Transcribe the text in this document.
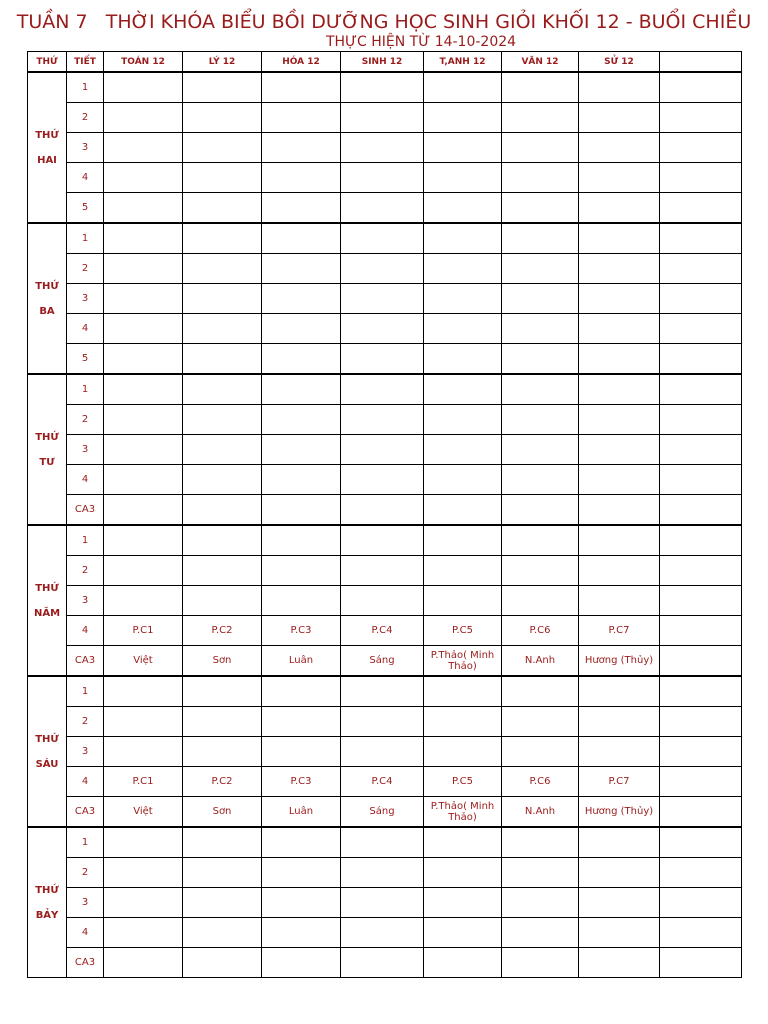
TUẦN 7   THỜI KHÓA BIỂU BỒI DƯỠNG HỌC SINH GIỎI KHỐI 12 - BUỔI CHIỀU
THỰC HIỆN TỪ 14-10-2024
THỨ	TIẾT	TOÁN 12	LÝ 12	HÓA 12	SINH 12	T,ANH 12	VĂN 12	SỬ 12	

THỨ
HAI	1								
	2								
	3								
	4								
	5								

THỨ
BA	1								
	2								
	3								
	4								
	5								

THỨ
TƯ	1								
	2								
	3								
	4								
	CA3								

THỨ
NĂM	1								
	2								
	3								
	4	P.C1	P.C2	P.C3	P.C4	P.C5	P.C6	P.C7	
	CA3	Việt	Sơn	Luân	Sáng	P.Thảo( Minh Thảo)	N.Anh	Hương (Thủy)	

THỨ
SÁU	1								
	2								
	3								
	4	P.C1	P.C2	P.C3	P.C4	P.C5	P.C6	P.C7	
	CA3	Việt	Sơn	Luân	Sáng	P.Thảo( Minh Thảo)	N.Anh	Hương (Thủy)	

THỨ
BẢY	1								
	2								
	3								
	4								
	CA3								
